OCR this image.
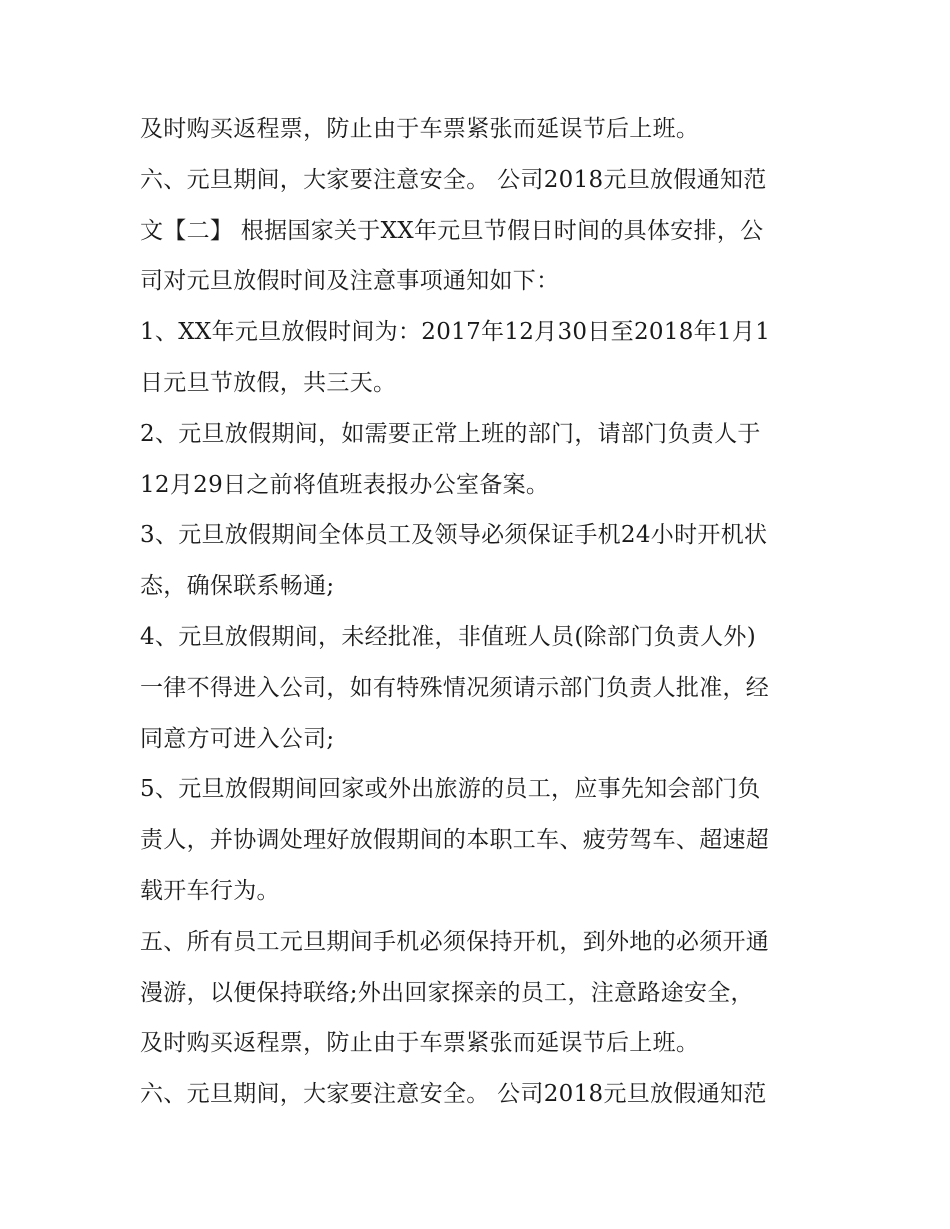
及时购买返程票，防止由于车票紧张而延误节后上班。
六、元旦期间，大家要注意安全。 公司2018元旦放假通知范
文【二】 根据国家关于XX年元旦节假日时间的具体安排，公
司对元旦放假时间及注意事项通知如下：
1、XX年元旦放假时间为：2017年12月30日至2018年1月1
日元旦节放假，共三天。
2、元旦放假期间，如需要正常上班的部门，请部门负责人于
12月29日之前将值班表报办公室备案。
3、元旦放假期间全体员工及领导必须保证手机24小时开机状
态，确保联系畅通;
4、元旦放假期间，未经批准，非值班人员(除部门负责人外)
一律不得进入公司，如有特殊情况须请示部门负责人批准，经
同意方可进入公司;
5、元旦放假期间回家或外出旅游的员工，应事先知会部门负
责人，并协调处理好放假期间的本职工车、疲劳驾车、超速超
载开车行为。
五、所有员工元旦期间手机必须保持开机，到外地的必须开通
漫游，以便保持联络;外出回家探亲的员工，注意路途安全，
及时购买返程票，防止由于车票紧张而延误节后上班。
六、元旦期间，大家要注意安全。 公司2018元旦放假通知范
